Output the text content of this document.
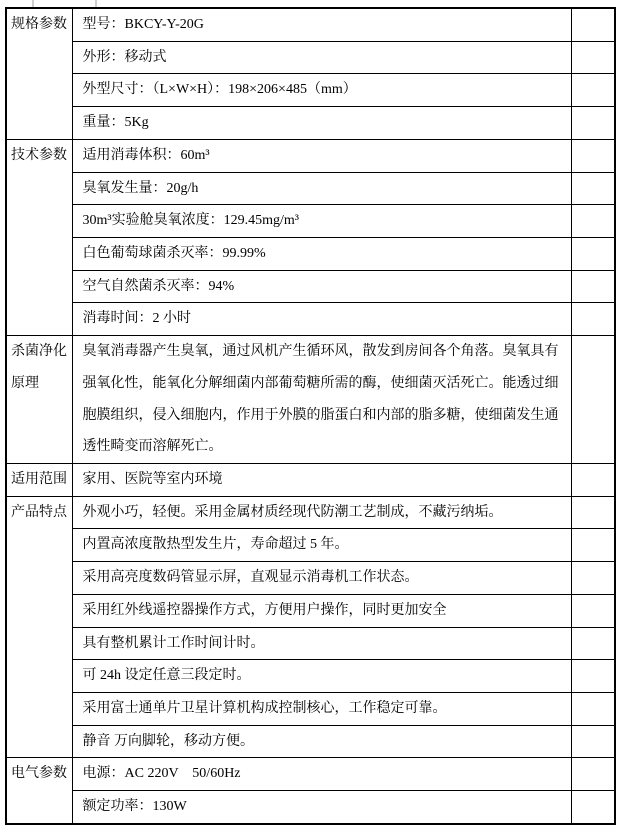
规格参数	型号：BKCY-Y-20G	
	外形：移动式	
	外型尺寸：（L×W×H）：198×206×485（mm）	
	重量：5Kg	
技术参数	适用消毒体积：60m³	
	臭氧发生量：20g/h	
	30m³实验舱臭氧浓度：129.45mg/m³	
	白色葡萄球菌杀灭率：99.99%	
	空气自然菌杀灭率：94%	
	消毒时间：2 小时	
杀菌净化原理	臭氧消毒器产生臭氧，通过风机产生循环风，散发到房间各个角落。臭氧具有强氧化性，能氧化分解细菌内部葡萄糖所需的酶，使细菌灭活死亡。能透过细胞膜组织，侵入细胞内，作用于外膜的脂蛋白和内部的脂多糖，使细菌发生通透性畸变而溶解死亡。	
适用范围	家用、医院等室内环境	
产品特点	外观小巧，轻便。采用金属材质经现代防潮工艺制成，不藏污纳垢。	
	内置高浓度散热型发生片，寿命超过 5 年。	
	采用高亮度数码管显示屏，直观显示消毒机工作状态。	
	采用红外线遥控器操作方式，方便用户操作，同时更加安全	
	具有整机累计工作时间计时。	
	可 24h 设定任意三段定时。	
	采用富士通单片卫星计算机构成控制核心，工作稳定可靠。	
	静音 万向脚轮，移动方便。	
电气参数	电源：AC 220V　50/60Hz	
	额定功率：130W	
